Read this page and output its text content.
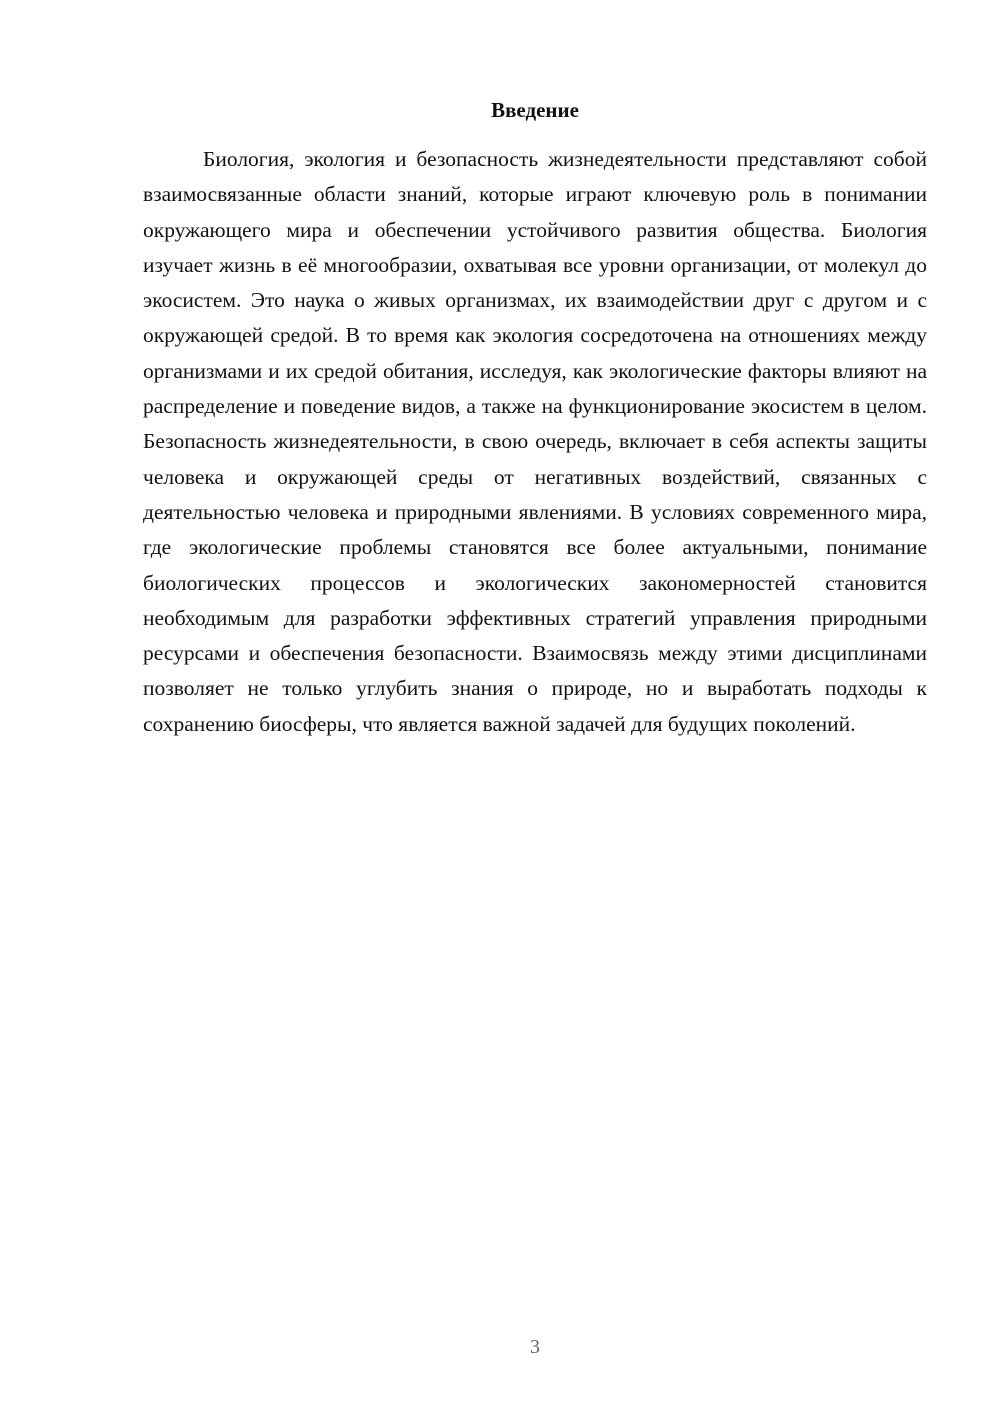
Введение

Биология, экология и безопасность жизнедеятельности представляют собой взаимосвязанные области знаний, которые играют ключевую роль в понимании окружающего мира и обеспечении устойчивого развития общества. Биология изучает жизнь в её многообразии, охватывая все уровни организации, от молекул до экосистем. Это наука о живых организмах, их взаимодействии друг с другом и с окружающей средой. В то время как экология сосредоточена на отношениях между организмами и их средой обитания, исследуя, как экологические факторы влияют на распределение и поведение видов, а также на функционирование экосистем в целом. Безопасность жизнедеятельности, в свою очередь, включает в себя аспекты защиты человека и окружающей среды от негативных воздействий, связанных с деятельностью человека и природными явлениями. В условиях современного мира, где экологические проблемы становятся все более актуальными, понимание биологических процессов и экологических закономерностей становится необходимым для разработки эффективных стратегий управления природными ресурсами и обеспечения безопасности. Взаимосвязь между этими дисциплинами позволяет не только углубить знания о природе, но и выработать подходы к сохранению биосферы, что является важной задачей для будущих поколений.

3
